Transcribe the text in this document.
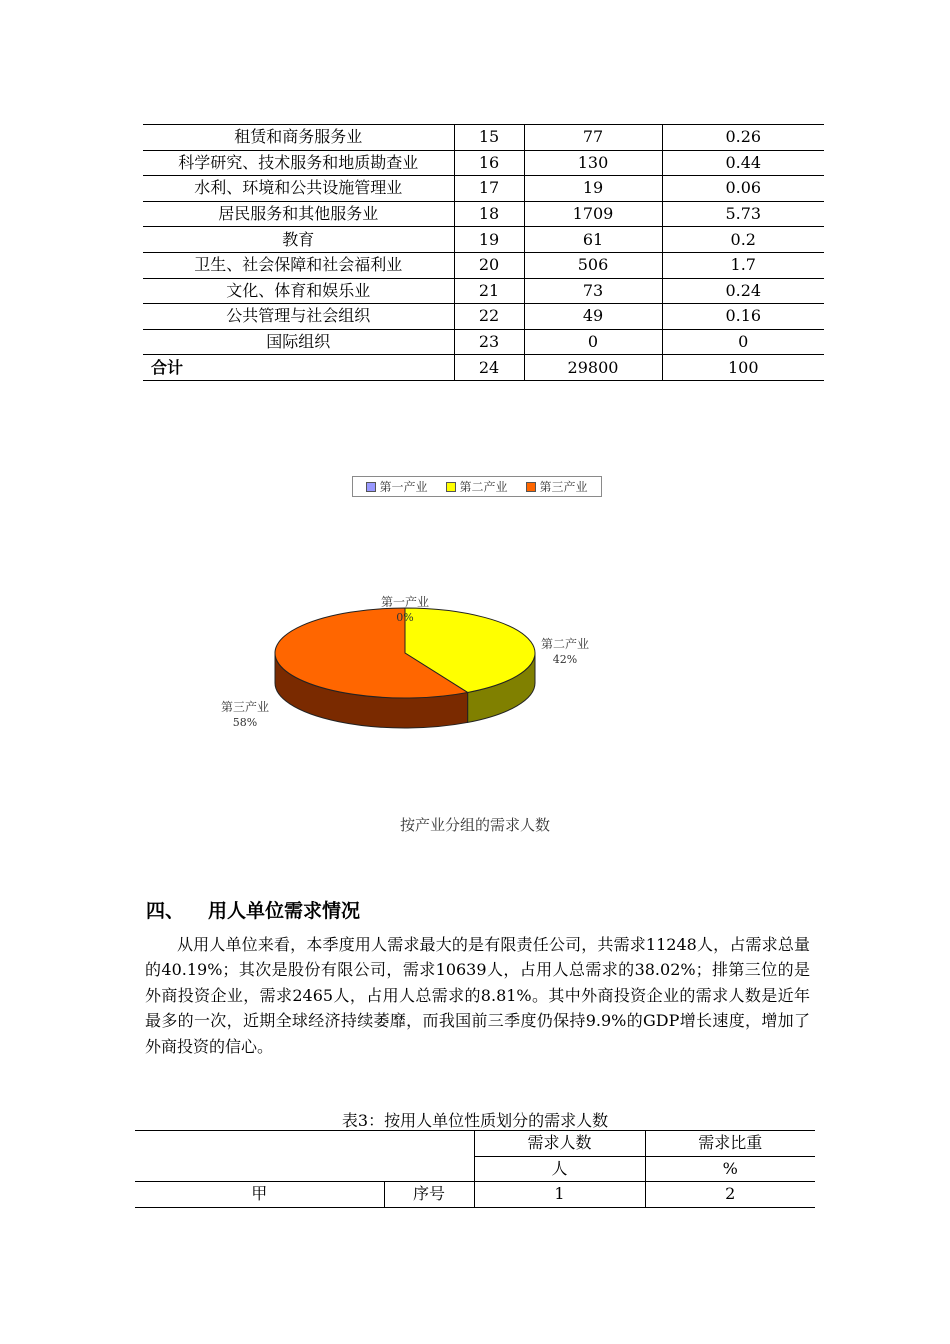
租赁和商务服务业	15	77	0.26
科学研究、技术服务和地质勘查业	16	130	0.44
水利、环境和公共设施管理业	17	19	0.06
居民服务和其他服务业	18	1709	5.73
教育	19	61	0.2
卫生、社会保障和社会福利业	20	506	1.7
文化、体育和娱乐业	21	73	0.24
公共管理与社会组织	22	49	0.16
国际组织	23	0	0
合计	24	29800	100
第一产业	第二产业	第三产业
第一产业
0%
第二产业
42%
第三产业
58%
按产业分组的需求人数
四、 用人单位需求情况

从用人单位来看，本季度用人需求最大的是有限责任公司，共需求11248人，占需求总量的40.19%；其次是股份有限公司，需求10639人，占用人总需求的38.02%；排第三位的是外商投资企业，需求2465人，占用人总需求的8.81%。其中外商投资企业的需求人数是近年最多的一次，近期全球经济持续萎靡，而我国前三季度仍保持9.9%的GDP增长速度，增加了外商投资的信心。

表3：按用人单位性质划分的需求人数
		需求人数	需求比重
		人	%
甲	序号	1	2
